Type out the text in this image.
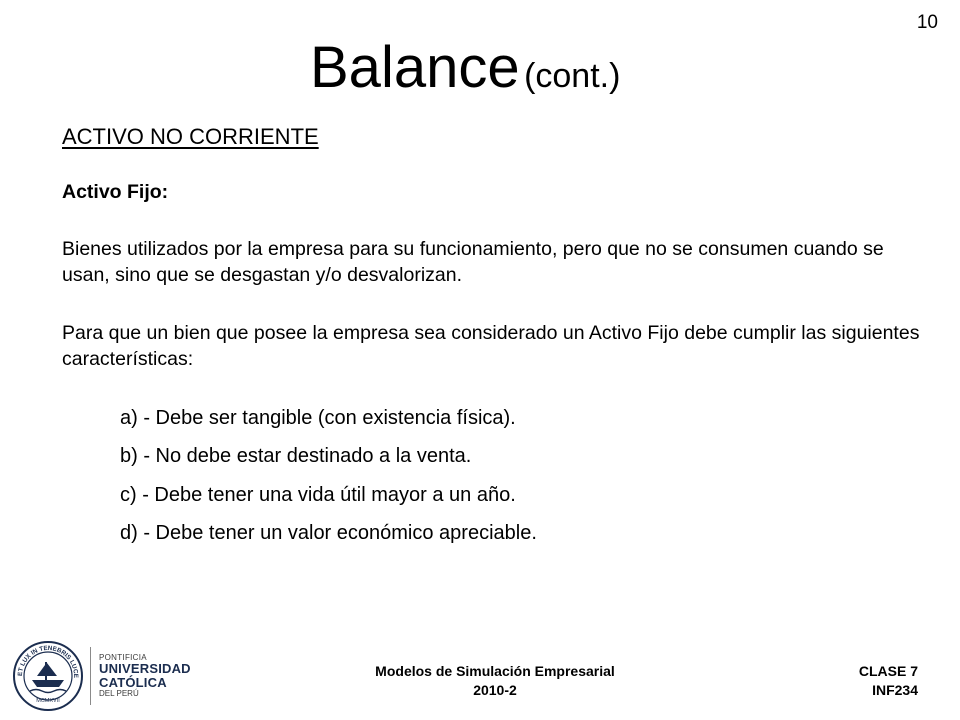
10
Balance (cont.)
ACTIVO NO CORRIENTE
Activo Fijo:

Bienes utilizados por la empresa para su funcionamiento, pero que no se consumen cuando se usan, sino que se desgastan y/o desvalorizan.

Para que un bien que posee la empresa sea considerado un Activo Fijo debe cumplir las siguientes características:

a) - Debe ser tangible (con existencia física).
b) - No debe estar destinado a la venta.
c) - Debe tener una vida útil mayor a un año.
d) - Debe tener un valor económico apreciable.
ET LUX IN TENEBRIS LUCE
MCMXVII
PONTIFICIA
UNIVERSIDAD
CATÓLICA
DEL PERÚ
Modelos de Simulación Empresarial
2010-2
CLASE 7
INF234
